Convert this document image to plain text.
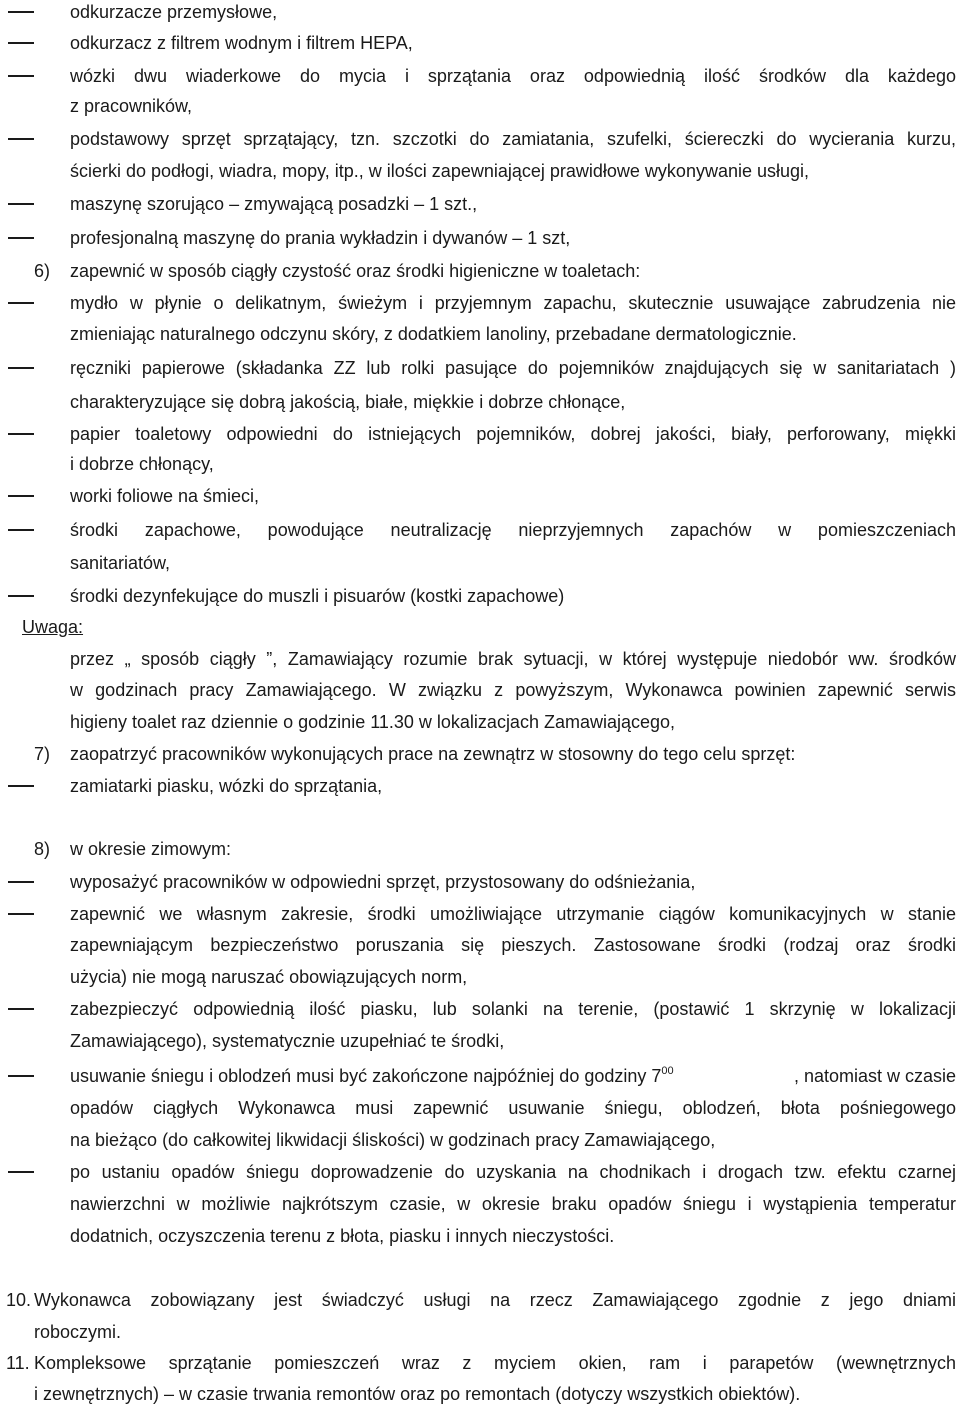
odkurzacze przemysłowe,
odkurzacz z filtrem wodnym i filtrem HEPA,
wózki dwu wiaderkowe do mycia i sprzątania oraz odpowiednią ilość środków dla każdego
z pracowników,
podstawowy sprzęt sprzątający, tzn. szczotki do zamiatania, szufelki, ściereczki do wycierania kurzu,
ścierki do podłogi, wiadra, mopy, itp., w ilości zapewniającej prawidłowe wykonywanie usługi,
maszynę szorująco – zmywającą posadzki – 1 szt.,
profesjonalną maszynę do prania wykładzin i dywanów – 1 szt,
6) zapewnić w sposób ciągły czystość oraz środki higieniczne w toaletach:
mydło w płynie o delikatnym, świeżym i przyjemnym zapachu, skutecznie usuwające zabrudzenia nie
zmieniając naturalnego odczynu skóry, z dodatkiem lanoliny, przebadane dermatologicznie.
ręczniki papierowe (składanka ZZ lub rolki pasujące do pojemników znajdujących się w sanitariatach )
charakteryzujące się dobrą jakością, białe, miękkie i dobrze chłonące,
papier toaletowy odpowiedni do istniejących pojemników, dobrej jakości, biały, perforowany, miękki
i dobrze chłonący,
worki foliowe na śmieci,
środki zapachowe, powodujące neutralizację nieprzyjemnych zapachów w pomieszczeniach
sanitariatów,
środki dezynfekujące do muszli i pisuarów (kostki zapachowe)
Uwaga:
przez „ sposób ciągły ”, Zamawiający rozumie brak sytuacji, w której występuje niedobór ww. środków
w godzinach pracy Zamawiającego. W związku z powyższym, Wykonawca powinien zapewnić serwis
higieny toalet raz dziennie o godzinie 11.30 w lokalizacjach Zamawiającego,
7) zaopatrzyć pracowników wykonujących prace na zewnątrz w stosowny do tego celu sprzęt:
zamiatarki piasku, wózki do sprzątania,
8) w okresie zimowym:
wyposażyć pracowników w odpowiedni sprzęt, przystosowany do odśnieżania,
zapewnić we własnym zakresie, środki umożliwiające utrzymanie ciągów komunikacyjnych w stanie
zapewniającym bezpieczeństwo poruszania się pieszych. Zastosowane środki (rodzaj oraz środki
użycia) nie mogą naruszać obowiązujących norm,
zabezpieczyć odpowiednią ilość piasku, lub solanki na terenie, (postawić 1 skrzynię w lokalizacji
Zamawiającego), systematycznie uzupełniać te środki,
usuwanie śniegu i oblodzeń musi być zakończone najpóźniej do godziny $7^{00}$	, natomiast w czasie
opadów ciągłych Wykonawca musi zapewnić usuwanie śniegu, oblodzeń, błota pośniegowego
na bieżąco (do całkowitej likwidacji śliskości) w godzinach pracy Zamawiającego,
po ustaniu opadów śniegu doprowadzenie do uzyskania na chodnikach i drogach tzw. efektu czarnej
nawierzchni w możliwie najkrótszym czasie, w okresie braku opadów śniegu i wystąpienia temperatur
dodatnich, oczyszczenia terenu z błota, piasku i innych nieczystości.
10. Wykonawca zobowiązany jest świadczyć usługi na rzecz Zamawiającego zgodnie z jego dniami
roboczymi.
11. Kompleksowe sprzątanie pomieszczeń wraz z myciem okien, ram i parapetów (wewnętrznych
i zewnętrznych) – w czasie trwania remontów oraz po remontach (dotyczy wszystkich obiektów).
